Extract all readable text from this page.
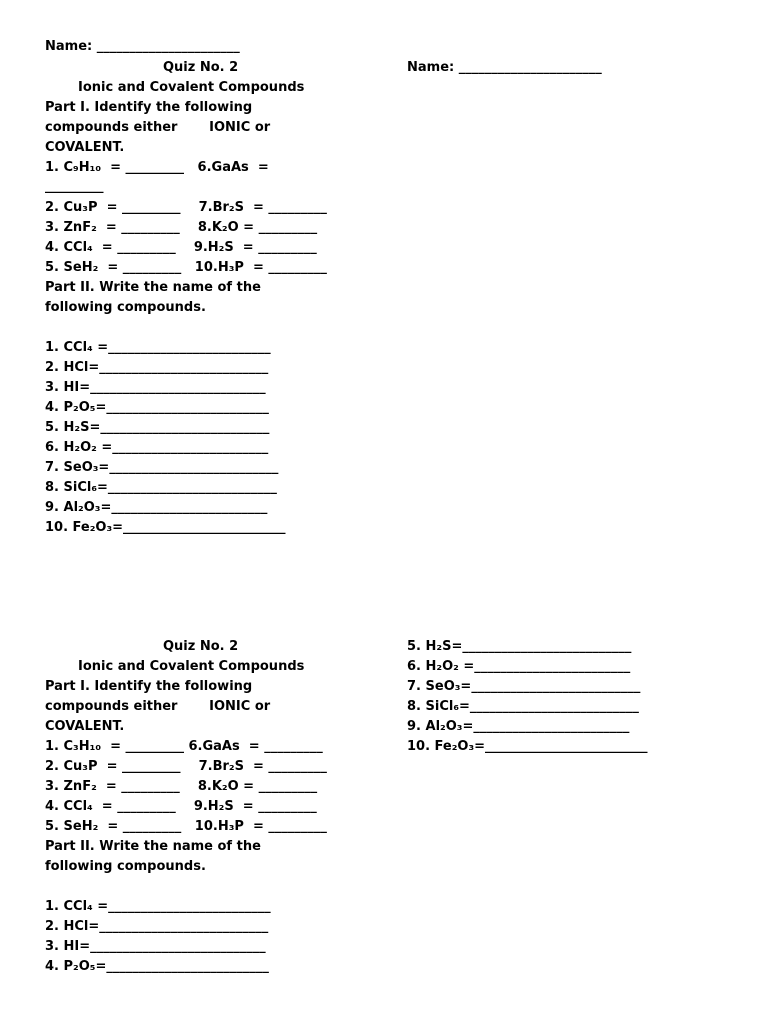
Name: ______________________
Quiz No. 2
Ionic and Covalent Compounds
Part I. Identify the following
compounds either       IONIC or
COVALENT.
1. C₉H₁₀  = _________   6.GaAs  =
_________
2. Cu₃P  = _________    7.Br₂S  = _________
3. ZnF₂  = _________    8.K₂O = _________
4. CCl₄  = _________    9.H₂S  = _________
5. SeH₂  = _________   10.H₃P  = _________
Part II. Write the name of the
following compounds.
1. CCl₄ =_________________________
2. HCl=__________________________
3. HI=___________________________
4. P₂O₅=_________________________
5. H₂S=__________________________
6. H₂O₂ =________________________
7. SeO₃=__________________________
8. SiCl₆=__________________________
9. Al₂O₃=________________________
10. Fe₂O₃=_________________________
Name: ______________________
Quiz No. 2
Ionic and Covalent Compounds
Part I. Identify the following
compounds either       IONIC or
COVALENT.
1. C₃H₁₀  = _________ 6.GaAs  = _________
2. Cu₃P  = _________    7.Br₂S  = _________
3. ZnF₂  = _________    8.K₂O = _________
4. CCl₄  = _________    9.H₂S  = _________
5. SeH₂  = _________   10.H₃P  = _________
Part II. Write the name of the
following compounds.
1. CCl₄ =_________________________
2. HCl=__________________________
3. HI=___________________________
4. P₂O₅=_________________________
5. H₂S=__________________________
6. H₂O₂ =________________________
7. SeO₃=__________________________
8. SiCl₆=__________________________
9. Al₂O₃=________________________
10. Fe₂O₃=_________________________
